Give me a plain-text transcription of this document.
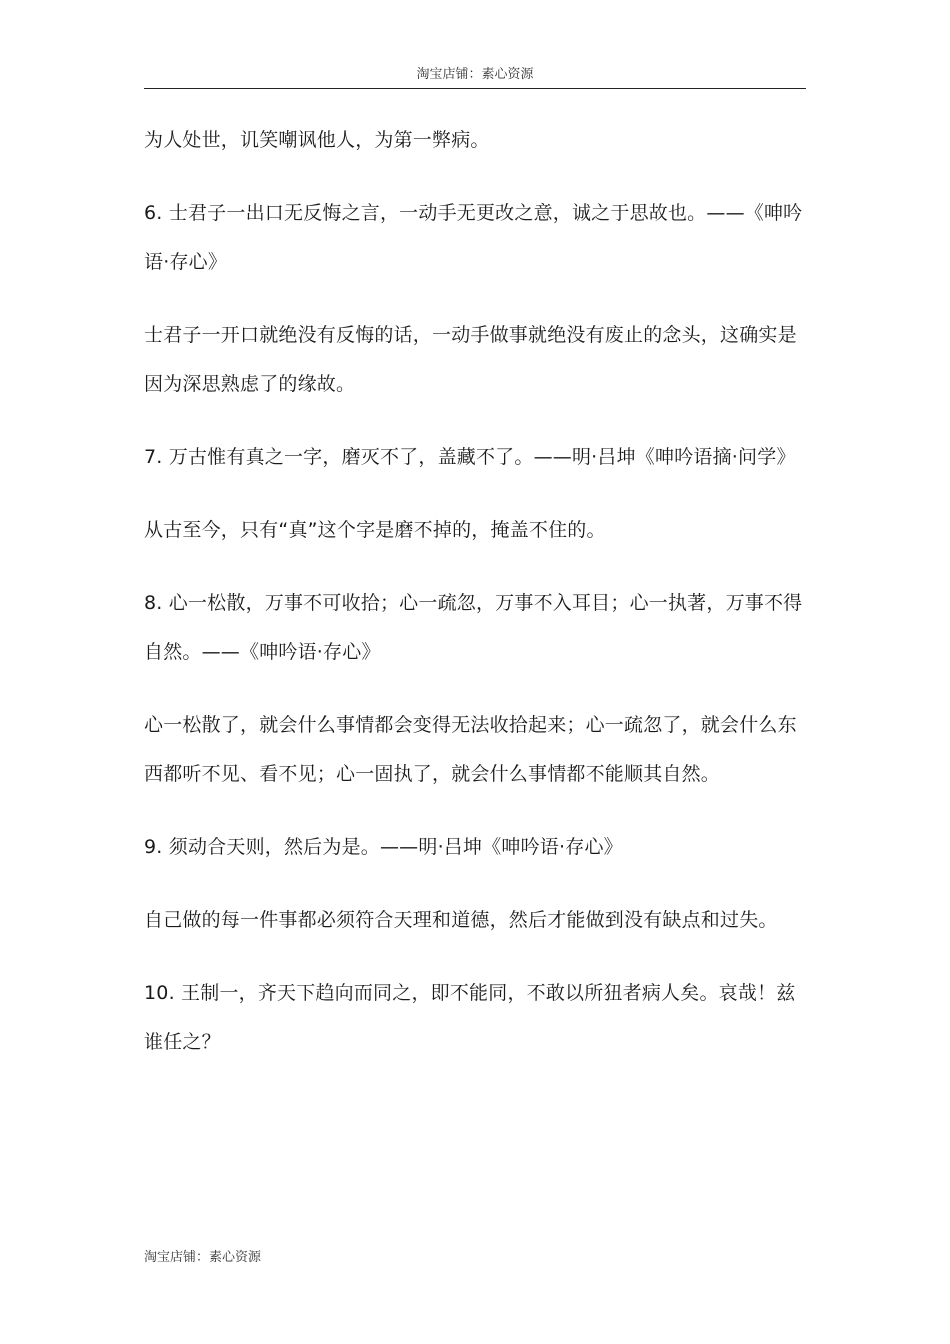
淘宝店铺：素心资源

为人处世，讥笑嘲讽他人，为第一弊病。

6. 士君子一出口无反悔之言，一动手无更改之意，诚之于思故也。——《呻吟语·存心》

士君子一开口就绝没有反悔的话，一动手做事就绝没有废止的念头，这确实是因为深思熟虑了的缘故。

7. 万古惟有真之一字，磨灭不了，盖藏不了。——明·吕坤《呻吟语摘·问学》

从古至今，只有“真”这个字是磨不掉的，掩盖不住的。

8. 心一松散，万事不可收拾；心一疏忽，万事不入耳目；心一执著，万事不得自然。——《呻吟语·存心》

心一松散了，就会什么事情都会变得无法收拾起来；心一疏忽了，就会什么东西都听不见、看不见；心一固执了，就会什么事情都不能顺其自然。

9. 须动合天则，然后为是。——明·吕坤《呻吟语·存心》

自己做的每一件事都必须符合天理和道德，然后才能做到没有缺点和过失。

10. 王制一，齐天下趋向而同之，即不能同，不敢以所狃者病人矣。哀哉！兹谁任之？

淘宝店铺：素心资源
